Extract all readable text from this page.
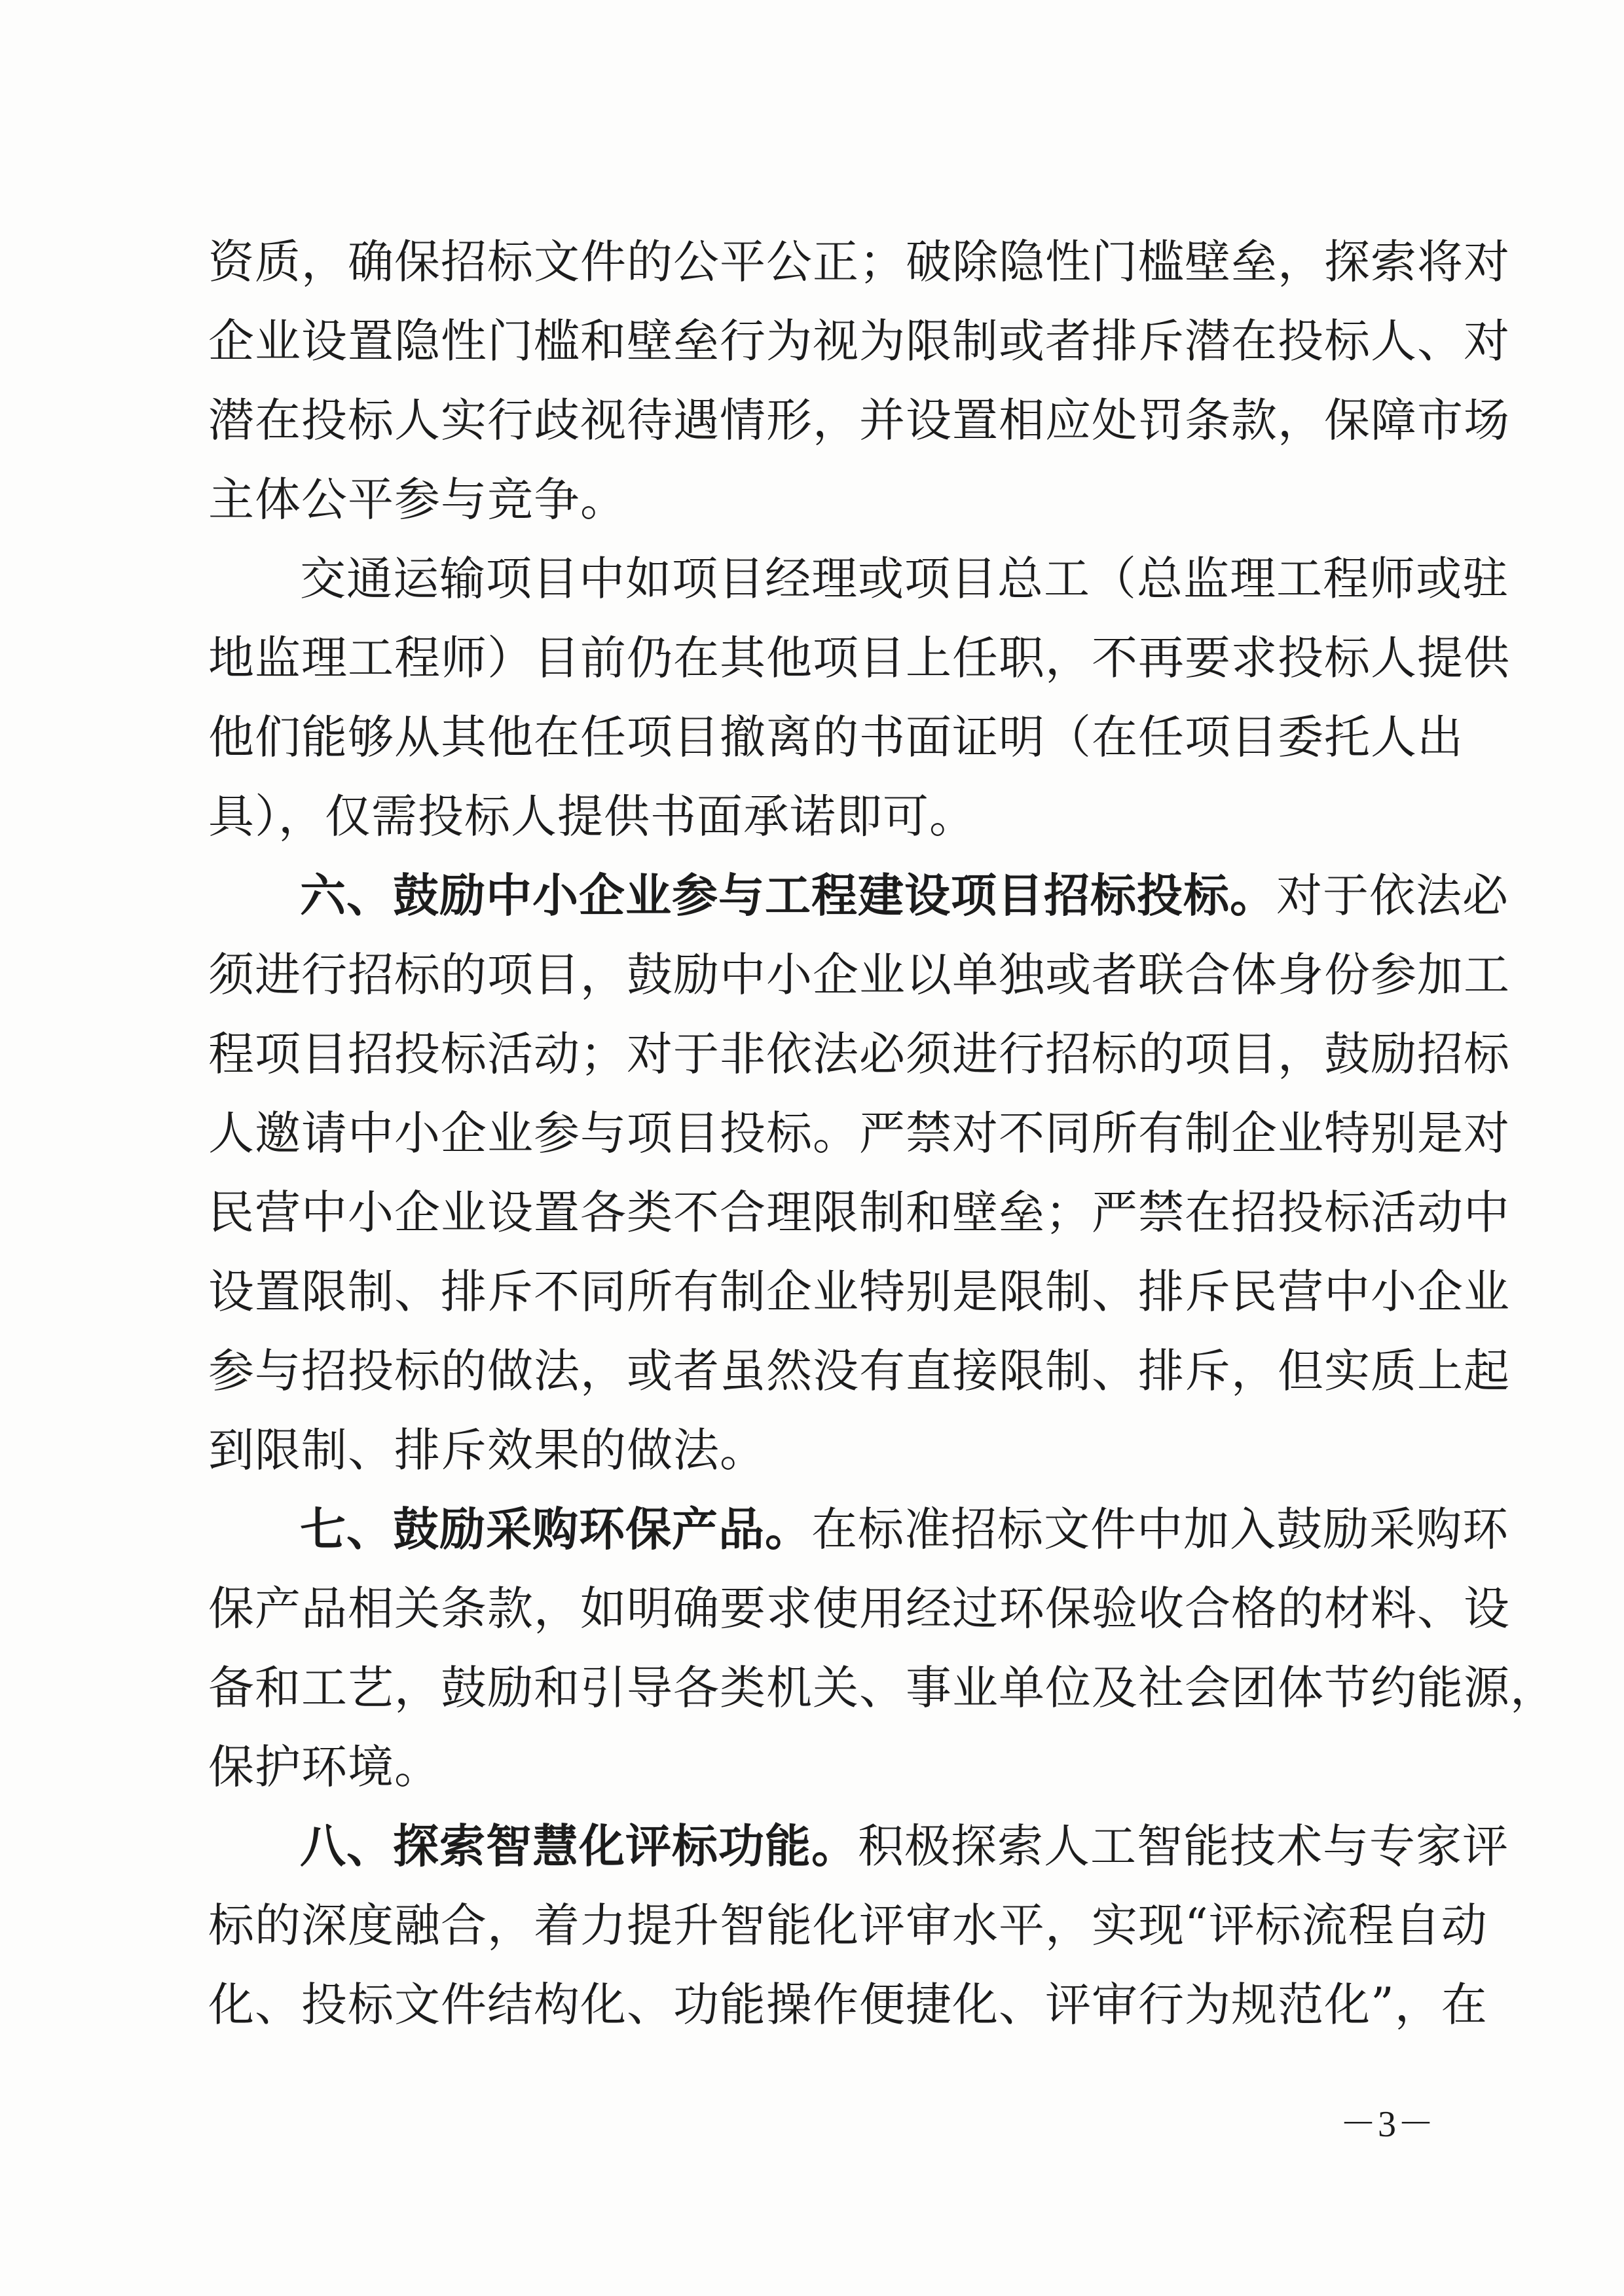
资质，确保招标文件的公平公正；破除隐性门槛壁垒，探索将对
企业设置隐性门槛和壁垒行为视为限制或者排斥潜在投标人、对
潜在投标人实行歧视待遇情形，并设置相应处罚条款，保障市场
主体公平参与竞争。
交通运输项目中如项目经理或项目总工（总监理工程师或驻
地监理工程师）目前仍在其他项目上任职，不再要求投标人提供
他们能够从其他在任项目撤离的书面证明（在任项目委托人出
具），仅需投标人提供书面承诺即可。
六、鼓励中小企业参与工程建设项目招标投标。对于依法必
须进行招标的项目，鼓励中小企业以单独或者联合体身份参加工
程项目招投标活动；对于非依法必须进行招标的项目，鼓励招标
人邀请中小企业参与项目投标。严禁对不同所有制企业特别是对
民营中小企业设置各类不合理限制和壁垒；严禁在招投标活动中
设置限制、排斥不同所有制企业特别是限制、排斥民营中小企业
参与招投标的做法，或者虽然没有直接限制、排斥，但实质上起
到限制、排斥效果的做法。
七、鼓励采购环保产品。在标准招标文件中加入鼓励采购环
保产品相关条款，如明确要求使用经过环保验收合格的材料、设
备和工艺，鼓励和引导各类机关、事业单位及社会团体节约能源，
保护环境。
八、探索智慧化评标功能。积极探索人工智能技术与专家评
标的深度融合，着力提升智能化评审水平，实现“评标流程自动
化、投标文件结构化、功能操作便捷化、评审行为规范化”，在
－3－
